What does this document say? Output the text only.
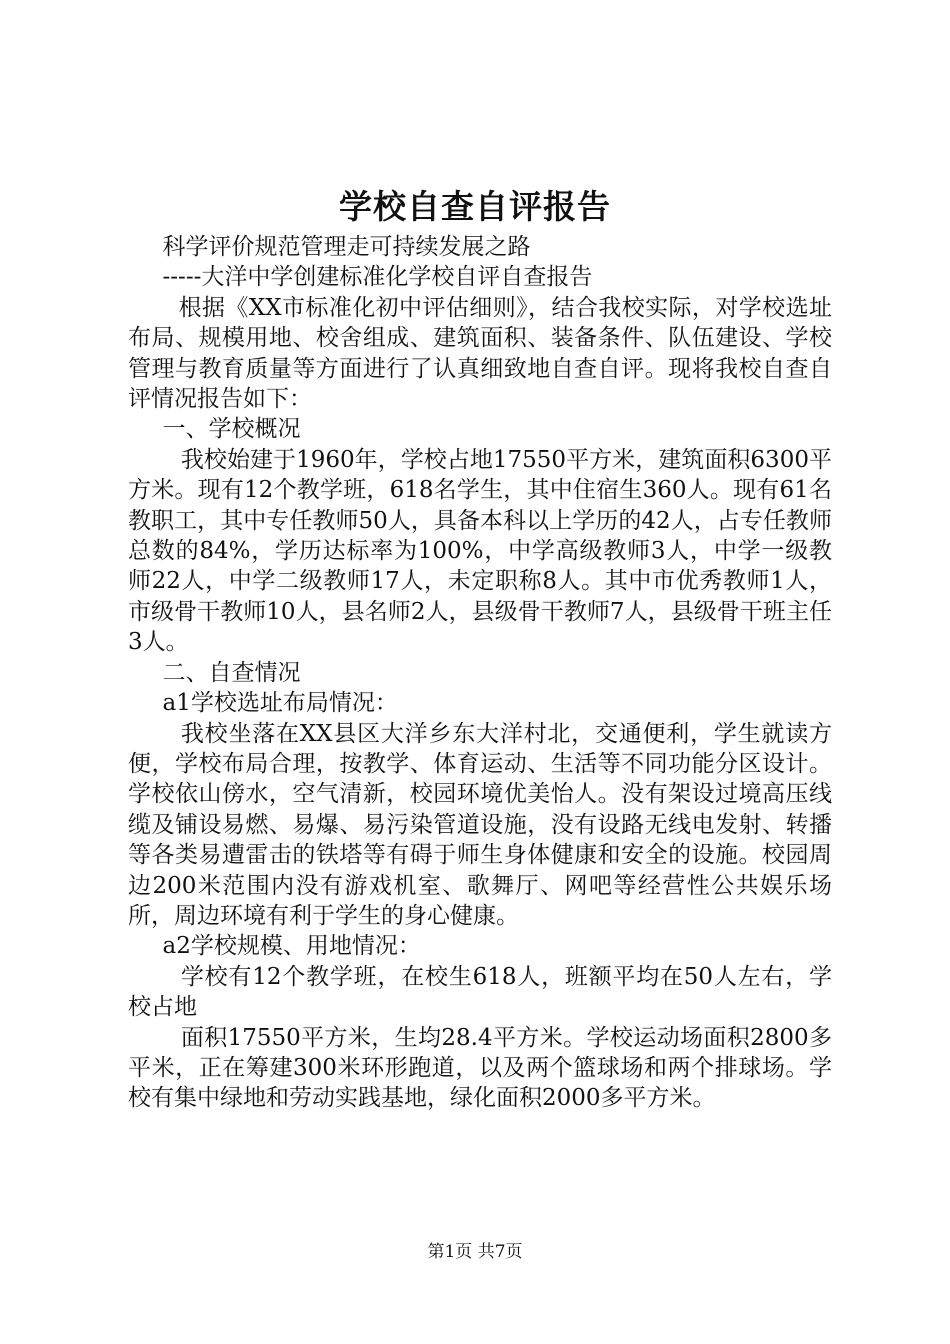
学校自查自评报告

科学评价规范管理走可持续发展之路

-----大洋中学创建标准化学校自评自查报告

根据《XX市标准化初中评估细则》，结合我校实际，对学校选址布局、规模用地、校舍组成、建筑面积、装备条件、队伍建设、学校管理与教育质量等方面进行了认真细致地自查自评。现将我校自查自评情况报告如下：

一、学校概况

我校始建于1960年，学校占地17550平方米，建筑面积6300平方米。现有12个教学班，618名学生，其中住宿生360人。现有61名教职工，其中专任教师50人，具备本科以上学历的42人，占专任教师总数的84%，学历达标率为100%，中学高级教师3人，中学一级教师22人，中学二级教师17人，未定职称8人。其中市优秀教师1人，市级骨干教师10人，县名师2人，县级骨干教师7人，县级骨干班主任3人。

二、自查情况

a1学校选址布局情况：

我校坐落在XX县区大洋乡东大洋村北，交通便利，学生就读方便，学校布局合理，按教学、体育运动、生活等不同功能分区设计。学校依山傍水，空气清新，校园环境优美怡人。没有架设过境高压线缆及铺设易燃、易爆、易污染管道设施，没有设路无线电发射、转播等各类易遭雷击的铁塔等有碍于师生身体健康和安全的设施。校园周边200米范围内没有游戏机室、歌舞厅、网吧等经营性公共娱乐场所，周边环境有利于学生的身心健康。

a2学校规模、用地情况：

学校有12个教学班，在校生618人，班额平均在50人左右，学校占地

面积17550平方米，生均28.4平方米。学校运动场面积2800多平米，正在筹建300米环形跑道，以及两个篮球场和两个排球场。学校有集中绿地和劳动实践基地，绿化面积2000多平方米。

第1页 共7页
